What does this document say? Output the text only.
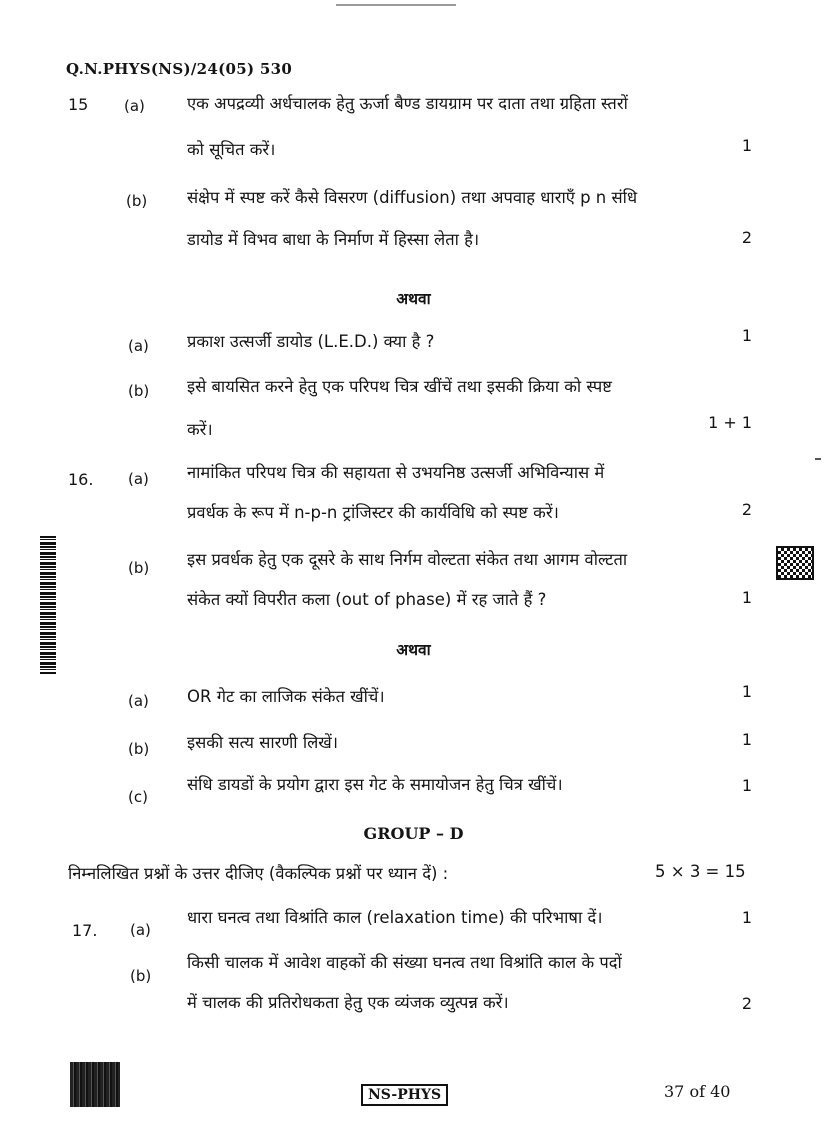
Q.N.PHYS(NS)/24(05) 530
15 (a)	एक अपद्रव्यी अर्धचालक हेतु ऊर्जा बैण्ड डायग्राम पर दाता तथा ग्रहिता स्तरों
को सूचित करें।	1
(b) संक्षेप में स्पष्ट करें कैसे विसरण (diffusion) तथा अपवाह धाराएँ p n संधि
डायोड में विभव बाधा के निर्माण में हिस्सा लेता है।	2
अथवा
(a) प्रकाश उत्सर्जी डायोड (L.E.D.) क्या है ?	1
(b) इसे बायसित करने हेतु एक परिपथ चित्र खींचें तथा इसकी क्रिया को स्पष्ट
करें।	1 + 1
16. (a) नामांकित परिपथ चित्र की सहायता से उभयनिष्ठ उत्सर्जी अभिविन्यास में
प्रवर्धक के रूप में n-p-n ट्रांजिस्टर की कार्यविधि को स्पष्ट करें।	2
(b) इस प्रवर्धक हेतु एक दूसरे के साथ निर्गम वोल्टता संकेत तथा आगम वोल्टता
संकेत क्यों विपरीत कला (out of phase) में रह जाते हैं ?	1
अथवा
(a) OR गेट का लाजिक संकेत खींचें।	1
(b) इसकी सत्य सारणी लिखें।	1
(c)
संधि डायडों के प्रयोग द्वारा इस गेट के समायोजन हेतु चित्र खींचें।	1
GROUP – D
निम्नलिखित प्रश्नों के उत्तर दीजिए (वैकल्पिक प्रश्नों पर ध्यान दें) :	5 × 3 = 15
17. (a)
धारा घनत्व तथा विश्रांति काल (relaxation time) की परिभाषा दें।	1
(b)
किसी चालक में आवेश वाहकों की संख्या घनत्व तथा विश्रांति काल के पदों
में चालक की प्रतिरोधकता हेतु एक व्यंजक व्युत्पन्न करें।	2
NS-PHYS	37 of 40
